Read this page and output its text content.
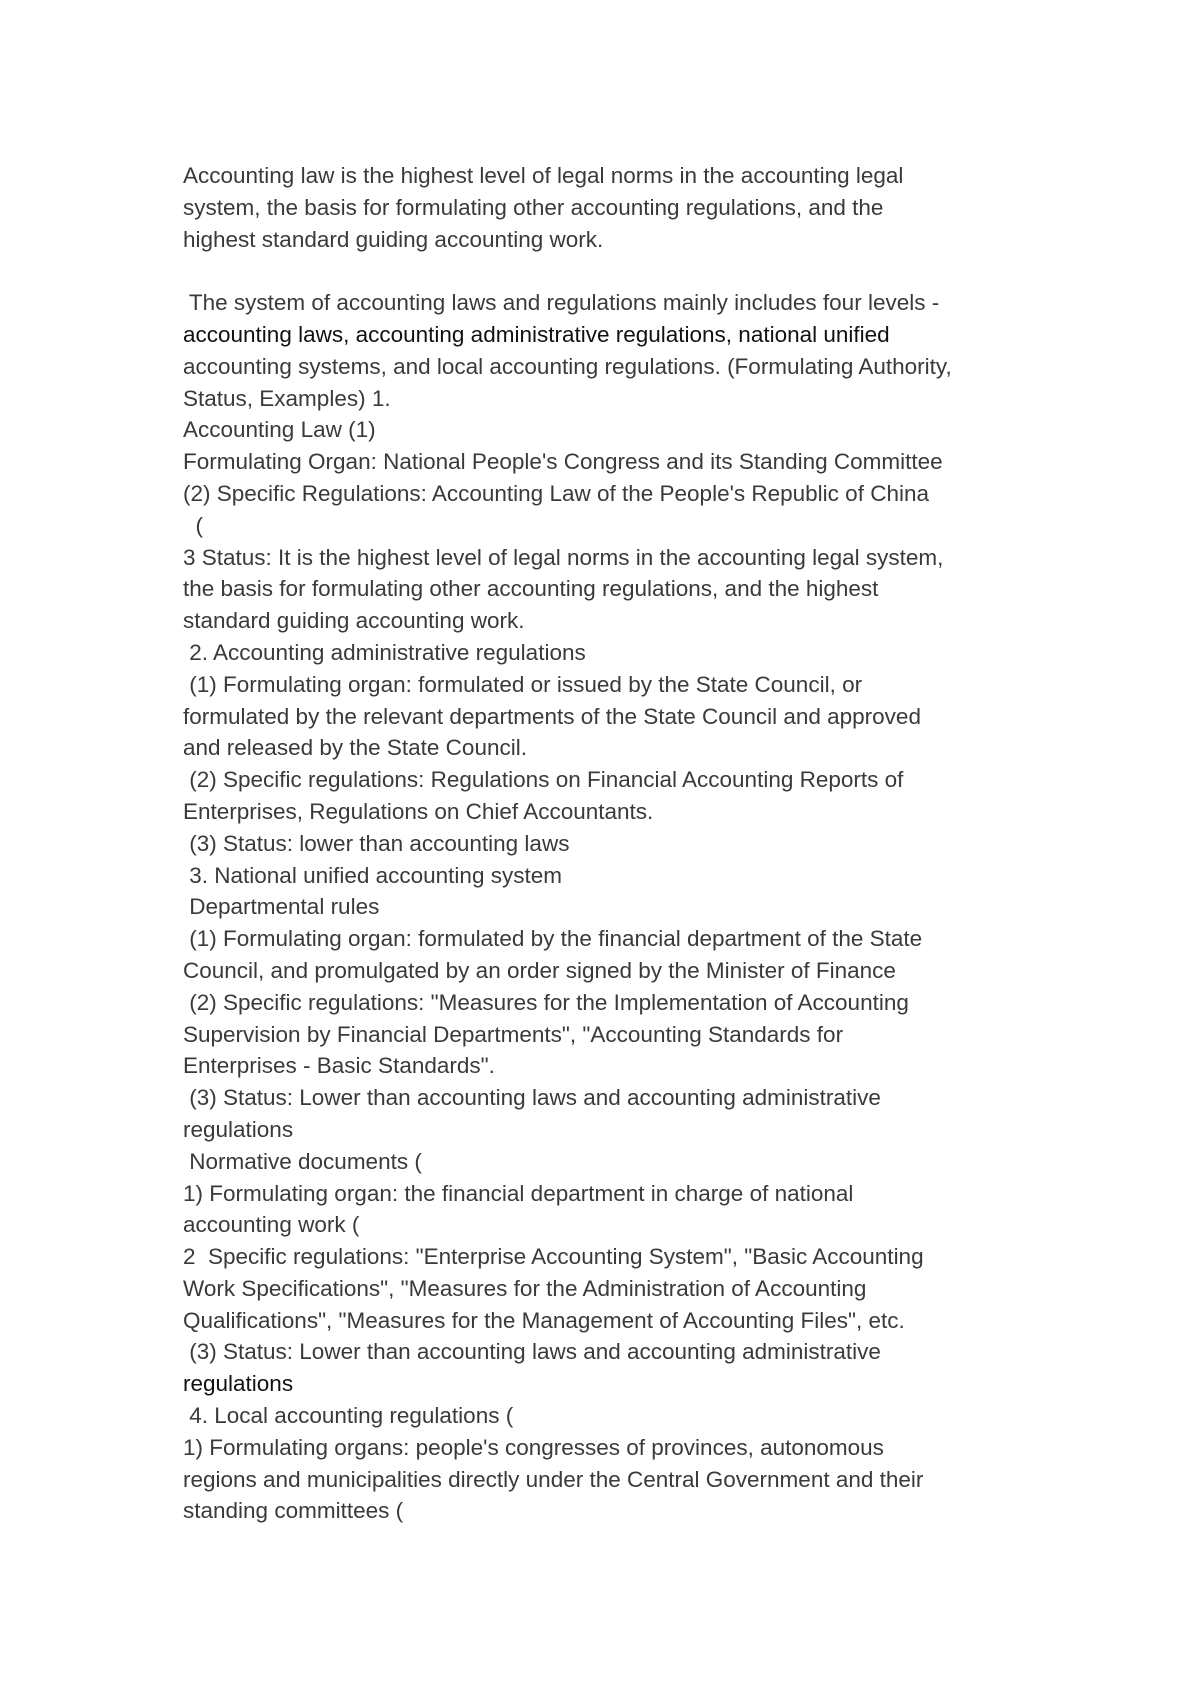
Accounting law is the highest level of legal norms in the accounting legal

system, the basis for formulating other accounting regulations, and the

highest standard guiding accounting work.

The system of accounting laws and regulations mainly includes four levels -

accounting laws, accounting administrative regulations, national unified

accounting systems, and local accounting regulations. (Formulating Authority,

Status, Examples) 1.

Accounting Law (1)

Formulating Organ: National People's Congress and its Standing Committee

(2) Specific Regulations: Accounting Law of the People's Republic of China

(

3 Status: It is the highest level of legal norms in the accounting legal system,

the basis for formulating other accounting regulations, and the highest

standard guiding accounting work.

2. Accounting administrative regulations

(1) Formulating organ: formulated or issued by the State Council, or

formulated by the relevant departments of the State Council and approved

and released by the State Council.

(2) Specific regulations: Regulations on Financial Accounting Reports of

Enterprises, Regulations on Chief Accountants.

(3) Status: lower than accounting laws

3. National unified accounting system

Departmental rules

(1) Formulating organ: formulated by the financial department of the State

Council, and promulgated by an order signed by the Minister of Finance

(2) Specific regulations: "Measures for the Implementation of Accounting

Supervision by Financial Departments", "Accounting Standards for

Enterprises - Basic Standards".

(3) Status: Lower than accounting laws and accounting administrative

regulations

Normative documents (

1) Formulating organ: the financial department in charge of national

accounting work (

2  Specific regulations: "Enterprise Accounting System", "Basic Accounting

Work Specifications", "Measures for the Administration of Accounting

Qualifications", "Measures for the Management of Accounting Files", etc.

(3) Status: Lower than accounting laws and accounting administrative

regulations

4. Local accounting regulations (

1) Formulating organs: people's congresses of provinces, autonomous

regions and municipalities directly under the Central Government and their

standing committees (
